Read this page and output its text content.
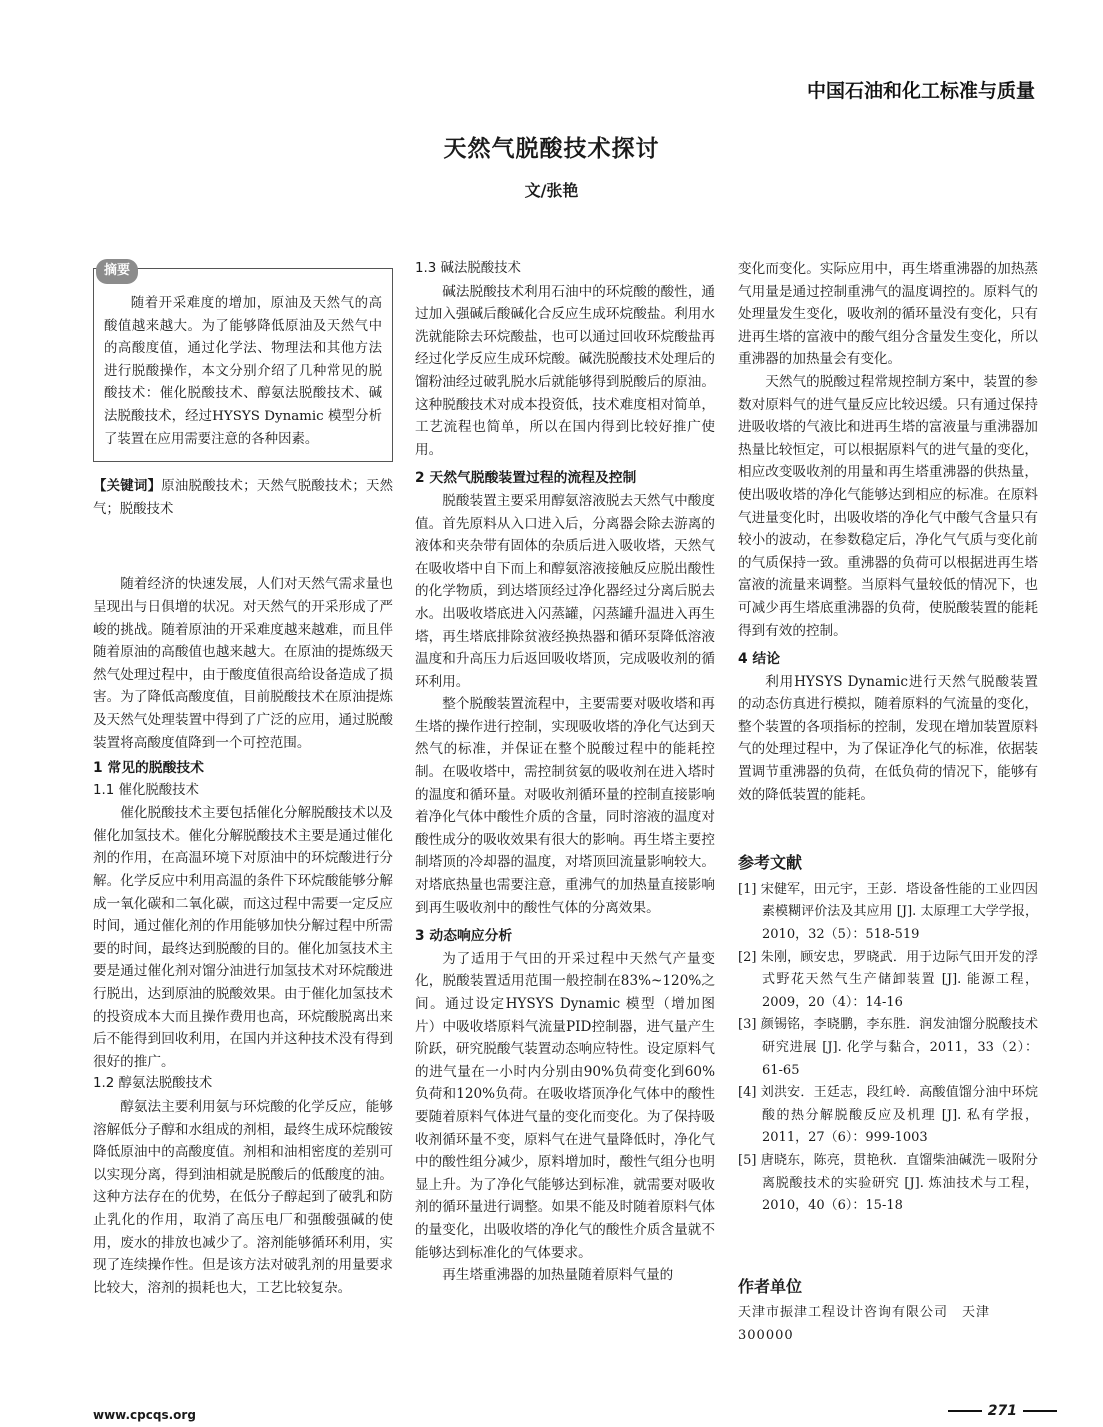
中国石油和化工标准与质量
天然气脱酸技术探讨
文/张艳
摘要

随着开采难度的增加，原油及天然气的高酸值越来越大。为了能够降低原油及天然气中的高酸度值，通过化学法、物理法和其他方法进行脱酸操作，本文分别介绍了几种常见的脱酸技术：催化脱酸技术、醇氨法脱酸技术、碱法脱酸技术，经过HYSYS Dynamic 模型分析了装置在应用需要注意的各种因素。

【关键词】原油脱酸技术；天然气脱酸技术；天然气；脱酸技术

随着经济的快速发展，人们对天然气需求量也呈现出与日俱增的状况。对天然气的开采形成了严峻的挑战。随着原油的开采难度越来越难，而且伴随着原油的高酸值也越来越大。在原油的提炼级天然气处理过程中，由于酸度值很高给设备造成了损害。为了降低高酸度值，目前脱酸技术在原油提炼及天然气处理装置中得到了广泛的应用，通过脱酸装置将高酸度值降到一个可控范围。

1 常见的脱酸技术
1.1 催化脱酸技术

催化脱酸技术主要包括催化分解脱酸技术以及催化加氢技术。催化分解脱酸技术主要是通过催化剂的作用，在高温环境下对原油中的环烷酸进行分解。化学反应中利用高温的条件下环烷酸能够分解成一氧化碳和二氧化碳，而这过程中需要一定反应时间，通过催化剂的作用能够加快分解过程中所需要的时间，最终达到脱酸的目的。催化加氢技术主要是通过催化剂对馏分油进行加氢技术对环烷酸进行脱出，达到原油的脱酸效果。由于催化加氢技术的投资成本大而且操作费用也高，环烷酸脱离出来后不能得到回收利用，在国内并这种技术没有得到很好的推广。

1.2 醇氨法脱酸技术

醇氨法主要利用氨与环烷酸的化学反应，能够溶解低分子醇和水组成的剂相，最终生成环烷酸铵降低原油中的高酸度值。剂相和油相密度的差别可以实现分离，得到油相就是脱酸后的低酸度的油。这种方法存在的优势，在低分子醇起到了破乳和防止乳化的作用，取消了高压电厂和强酸强碱的使用，废水的排放也减少了。溶剂能够循环利用，实现了连续操作性。但是该方法对破乳剂的用量要求比较大，溶剂的损耗也大，工艺比较复杂。

1.3 碱法脱酸技术

碱法脱酸技术利用石油中的环烷酸的酸性，通过加入强碱后酸碱化合反应生成环烷酸盐。利用水洗就能除去环烷酸盐，也可以通过回收环烷酸盐再经过化学反应生成环烷酸。碱洗脱酸技术处理后的馏粉油经过破乳脱水后就能够得到脱酸后的原油。这种脱酸技术对成本投资低，技术难度相对简单，工艺流程也简单，所以在国内得到比较好推广使用。

2 天然气脱酸装置过程的流程及控制

脱酸装置主要采用醇氨溶液脱去天然气中酸度值。首先原料从入口进入后，分离器会除去游离的液体和夹杂带有固体的杂质后进入吸收塔，天然气在吸收塔中自下而上和醇氨溶液接触反应脱出酸性的化学物质，到达塔顶经过净化器经过分离后脱去水。出吸收塔底进入闪蒸罐，闪蒸罐升温进入再生塔，再生塔底排除贫液经换热器和循环泵降低溶液温度和升高压力后返回吸收塔顶，完成吸收剂的循环利用。

整个脱酸装置流程中，主要需要对吸收塔和再生塔的操作进行控制，实现吸收塔的净化气达到天然气的标准，并保证在整个脱酸过程中的能耗控制。在吸收塔中，需控制贫氨的吸收剂在进入塔时的温度和循环量。对吸收剂循环量的控制直接影响着净化气体中酸性介质的含量，同时溶液的温度对酸性成分的吸收效果有很大的影响。再生塔主要控制塔顶的冷却器的温度，对塔顶回流量影响较大。对塔底热量也需要注意，重沸气的加热量直接影响到再生吸收剂中的酸性气体的分离效果。

3 动态响应分析

为了适用于气田的开采过程中天然气产量变化，脱酸装置适用范围一般控制在83%~120%之间。通过设定HYSYS Dynamic 模型（增加图片）中吸收塔原料气流量PID控制器，进气量产生阶跃，研究脱酸气装置动态响应特性。设定原料气的进气量在一小时内分别由90%负荷变化到60%负荷和120%负荷。在吸收塔顶净化气体中的酸性要随着原料气体进气量的变化而变化。为了保持吸收剂循环量不变，原料气在进气量降低时，净化气中的酸性组分减少，原料增加时，酸性气组分也明显上升。为了净化气能够达到标准，就需要对吸收剂的循环量进行调整。如果不能及时随着原料气体的量变化，出吸收塔的净化气的酸性介质含量就不能够达到标准化的气体要求。

再生塔重沸器的加热量随着原料气量的

变化而变化。实际应用中，再生塔重沸器的加热蒸气用量是通过控制重沸气的温度调控的。原料气的处理量发生变化，吸收剂的循环量没有变化，只有进再生塔的富液中的酸气组分含量发生变化，所以重沸器的加热量会有变化。

天然气的脱酸过程常规控制方案中，装置的参数对原料气的进气量反应比较迟缓。只有通过保持进吸收塔的气液比和进再生塔的富液量与重沸器加热量比较恒定，可以根据原料气的进气量的变化，相应改变吸收剂的用量和再生塔重沸器的供热量，使出吸收塔的净化气能够达到相应的标准。在原料气进量变化时，出吸收塔的净化气中酸气含量只有较小的波动，在参数稳定后，净化气气质与变化前的气质保持一致。重沸器的负荷可以根据进再生塔富液的流量来调整。当原料气量较低的情况下，也可减少再生塔底重沸器的负荷，使脱酸装置的能耗得到有效的控制。

4 结论

利用HYSYS Dynamic进行天然气脱酸装置的动态仿真进行模拟，随着原料的气流量的变化，整个装置的各项指标的控制，发现在增加装置原料气的处理过程中，为了保证净化气的标准，依据装置调节重沸器的负荷，在低负荷的情况下，能够有效的降低装置的能耗。

参考文献
[1] 宋健军，田元宇，王彭．塔设备性能的工业四因素模糊评价法及其应用 [J]. 太原理工大学学报，2010，32（5）：518-519
[2] 朱刚，顾安忠，罗晓武．用于边际气田开发的浮式野花天然气生产储卸装置 [J]. 能源工程，2009，20（4）：14-16
[3] 颜锡铭，李晓鹏，李东胜．润发油馏分脱酸技术研究进展 [J]. 化学与黏合，2011，33（2）：61-65
[4] 刘洪安．王廷志，段红岭．高酸值馏分油中环烷酸的热分解脱酸反应及机理 [J]. 私有学报，2011，27（6）：999-1003
[5] 唐晓东，陈亮，贯艳秋．直馏柴油碱洗－吸附分离脱酸技术的实验研究 [J]. 炼油技术与工程，2010，40（6）：15-18
作者单位
天津市振津工程设计咨询有限公司　天津　300000
www.cpcqs.org	271
